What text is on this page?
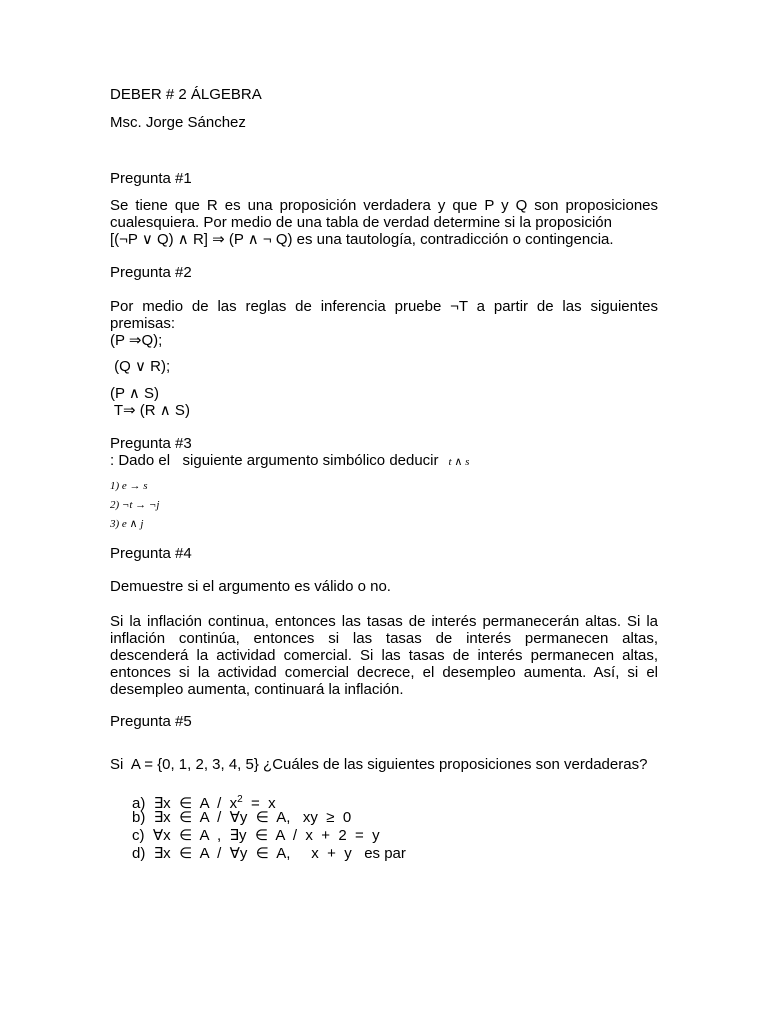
DEBER # 2 ÁLGEBRA
Msc. Jorge Sánchez
Pregunta #1
Se tiene que R es una proposición verdadera y que P y Q son proposiciones
cualesquiera. Por medio de una tabla de verdad determine si la proposición
[(¬P ∨ Q) ∧ R] ⇒ (P ∧ ¬ Q) es una tautología, contradicción o contingencia.
Pregunta #2
Por medio de las reglas de inferencia pruebe ¬T a partir de las siguientes
premisas:
(P ⇒Q);
(Q ∨ R);
(P ∧ S)
T⇒ (R ∧ S)
Pregunta #3
: Dado el   siguiente argumento simbólico deducir t ∧ s
1) e → s
2) ¬t → ¬j
3) e ∧ j
Pregunta #4
Demuestre si el argumento es válido o no.
Si la inflación continua, entonces las tasas de interés permanecerán altas. Si la
inflación continúa, entonces si las tasas de interés permanecen altas,
descenderá la actividad comercial. Si las tasas de interés permanecen altas,
entonces si la actividad comercial decrece, el desempleo aumenta. Así, si el
desempleo aumenta, continuará la inflación.
Pregunta #5
Si  A = {0, 1, 2, 3, 4, 5} ¿Cuáles de las siguientes proposiciones son verdaderas?
a) ∃x  ∈  $A / x^2 = x$
b) ∃x  ∈  A  /  ∀y  ∈  A,   xy  ≥  0
c) ∀x  ∈  A  ,  ∃y  ∈  A  /  x  +  2  =  y
d) ∃x  ∈  A  /  ∀y  ∈  A,     x  +  y   es par
